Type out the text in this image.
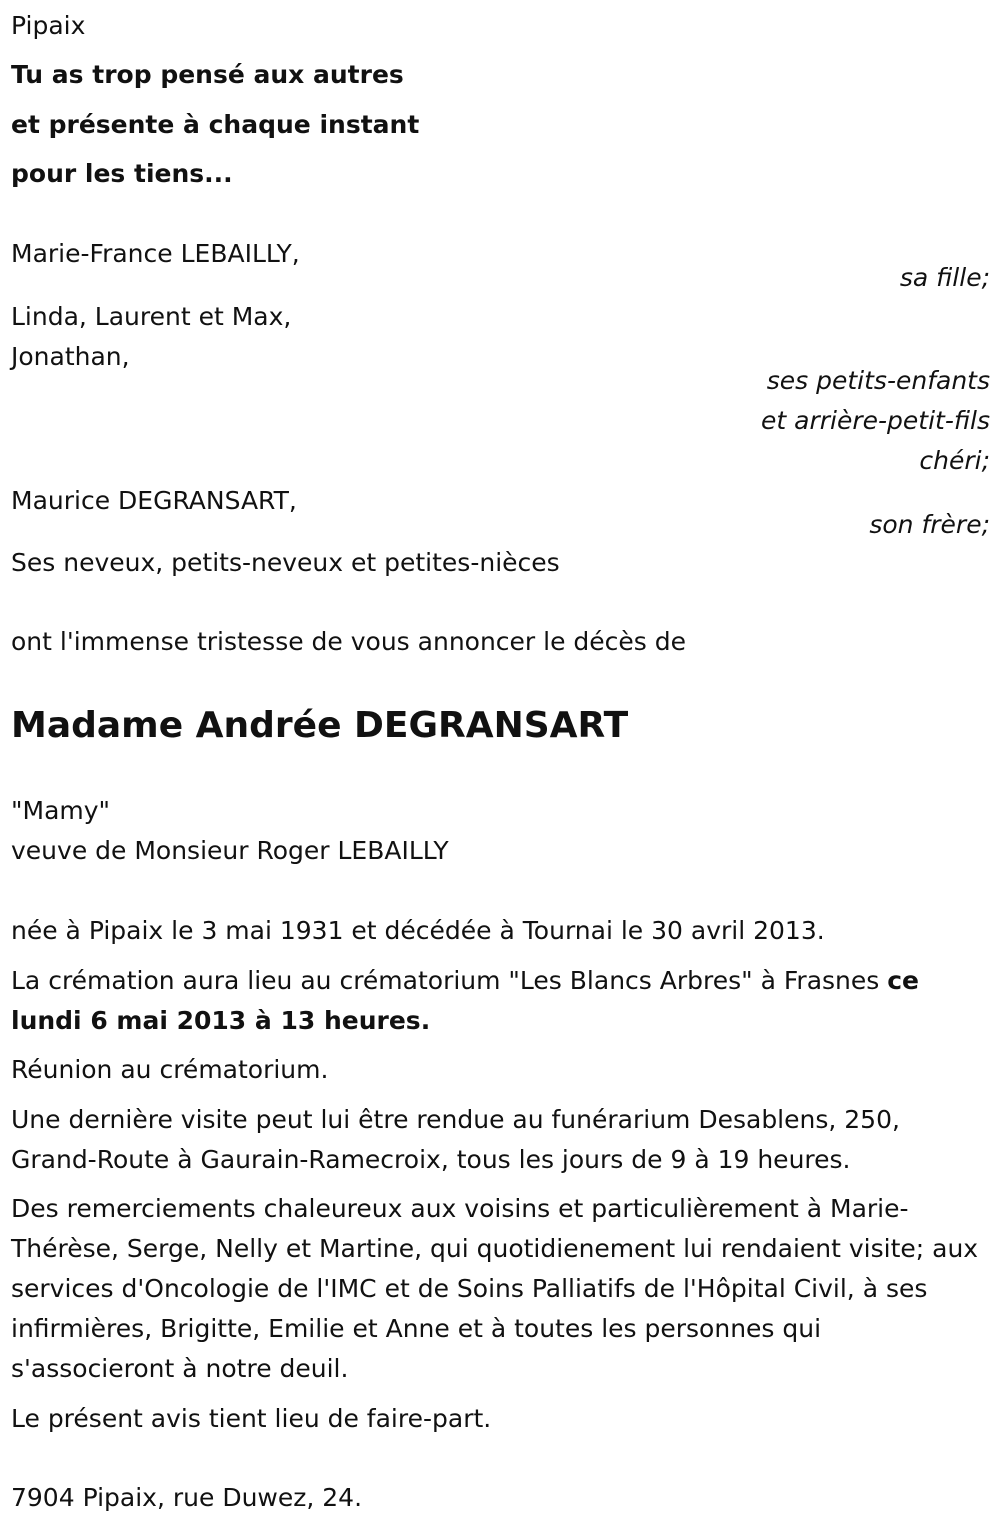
Pipaix
Tu as trop pensé aux autres
et présente à chaque instant
pour les tiens...
Marie-France LEBAILLY,
sa fille;
Linda, Laurent et Max,
Jonathan,
ses petits-enfants
et arrière-petit-fils
chéri;
Maurice DEGRANSART,
son frère;
Ses neveux, petits-neveux et petites-nièces
ont l'immense tristesse de vous annoncer le décès de
Madame Andrée DEGRANSART
"Mamy"
veuve de Monsieur Roger LEBAILLY
née à Pipaix le 3 mai 1931 et décédée à Tournai le 30 avril 2013.
La crémation aura lieu au crématorium "Les Blancs Arbres" à Frasnes ce lundi 6 mai 2013 à 13 heures.
Réunion au crématorium.
Une dernière visite peut lui être rendue au funérarium Desablens, 250, Grand-Route à Gaurain-Ramecroix, tous les jours de 9 à 19 heures.
Des remerciements chaleureux aux voisins et particulièrement à Marie-Thérèse, Serge, Nelly et Martine, qui quotidienement lui rendaient visite; aux services d'Oncologie de l'IMC et de Soins Palliatifs de l'Hôpital Civil, à ses infirmières, Brigitte, Emilie et Anne et à toutes les personnes qui s'associeront à notre deuil.
Le présent avis tient lieu de faire-part.
7904 Pipaix, rue Duwez, 24.
